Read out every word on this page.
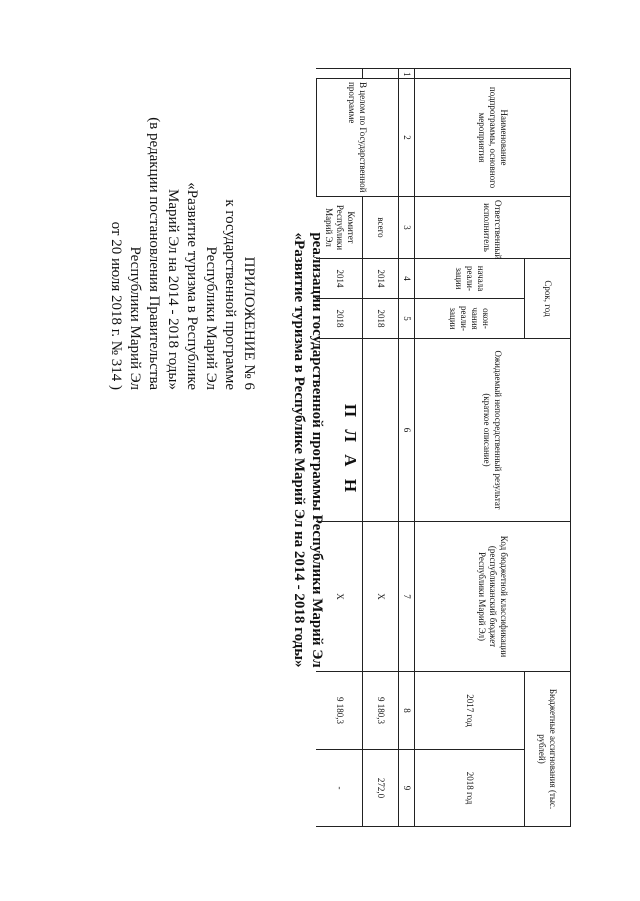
ПРИЛОЖЕНИЕ № 6
к государственной программе
Республики Марий Эл
«Развитие туризма в Республике
Марий Эл на 2014 - 2018 годы»
(в редакции постановления Правительства
Республики Марий Эл
от 20 июля 2018 г. № 314 )
П Л А Н
реализации государственной программы Республики Марий Эл
«Развитие туризма в Республике Марий Эл на 2014 - 2018 годы»
	Наименование подпрограммы, основного мероприятия	Ответственный исполнитель	Срок, год		Ожидаемый непосредственный результат (краткое описание)	Код бюджетной классификации (республиканский бюджет Республики Марий Эл)	Бюджетные ассигнования (тыс. рублей)	
			начала реали-зации	окон-чания реали-зации			2017 год	2018 год
1	2	3	4	5	6	7	8	9
	В целом по Государственной программе	всего	2014	2018		Х	9 180,3	272,0
		Комитет Республики Марий Эл	2014	2018		Х	9 180,3	-
